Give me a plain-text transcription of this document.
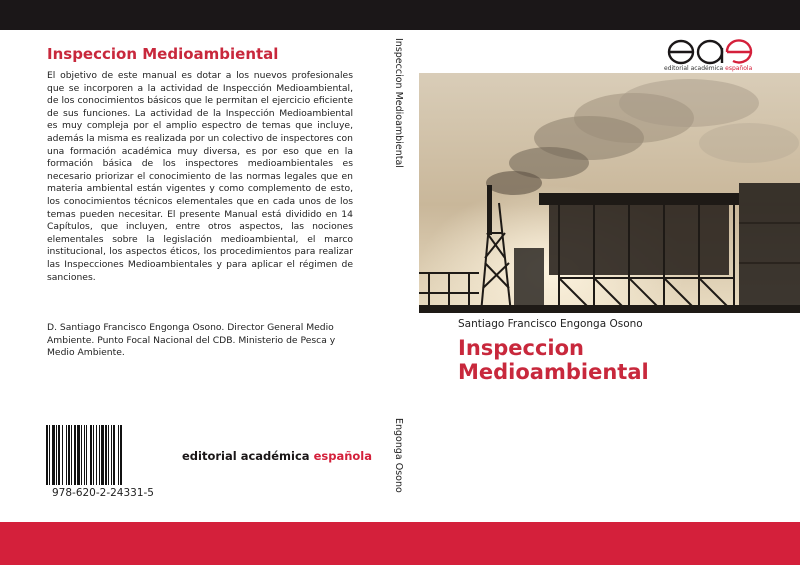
Inspeccion Medioambiental

El objetivo de este manual es dotar a los nuevos profesionales que se incorporen a la actividad de Inspección Medioambiental, de los conocimientos básicos que le permitan el ejercicio eficiente de sus funciones. La actividad de la Inspección Medioambiental es muy compleja por el amplio espectro de temas que incluye, además la misma es realizada por un colectivo de inspectores con una formación académica muy diversa, es por eso que en la formación básica de los inspectores medioambientales es necesario priorizar el conocimiento de las normas legales que en materia ambiental están vigentes y como complemento de esto, los conocimientos técnicos elementales que en cada unos de los temas pueden necesitar. El presente Manual está dividido en 14 Capítulos, que incluyen, entre otros aspectos, las nociones elementales sobre la legislación medioambiental, el marco institucional, los aspectos éticos, los procedimientos para realizar las Inspecciones Medioambientales y para aplicar el régimen de sanciones.

D. Santiago Francisco Engonga Osono. Director General Medio Ambiente. Punto Focal Nacional del CDB. Ministerio de Pesca y Medio Ambiente.

978-620-2-24331-5
editorial académica española
Inspeccion Medioambiental
Engonga Osono
editorial académica española
Santiago Francisco Engonga Osono
Inspeccion Medioambiental
